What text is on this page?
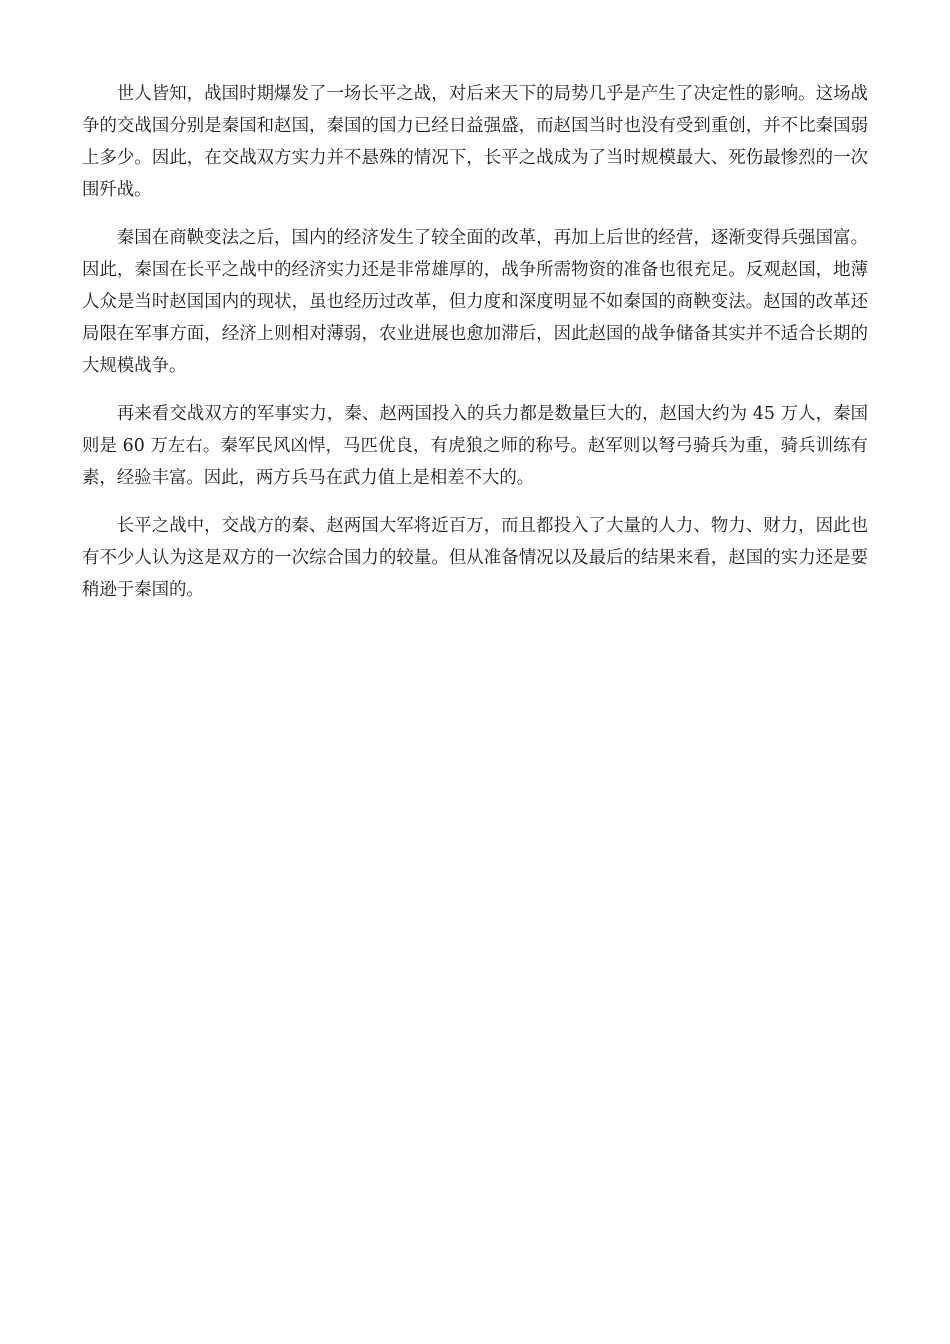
世人皆知，战国时期爆发了一场长平之战，对后来天下的局势几乎是产生了决定性的影响。这场战争的交战国分别是秦国和赵国，秦国的国力已经日益强盛，而赵国当时也没有受到重创，并不比秦国弱上多少。因此，在交战双方实力并不悬殊的情况下，长平之战成为了当时规模最大、死伤最惨烈的一次围歼战。

秦国在商鞅变法之后，国内的经济发生了较全面的改革，再加上后世的经营，逐渐变得兵强国富。因此，秦国在长平之战中的经济实力还是非常雄厚的，战争所需物资的准备也很充足。反观赵国，地薄人众是当时赵国国内的现状，虽也经历过改革，但力度和深度明显不如秦国的商鞅变法。赵国的改革还局限在军事方面，经济上则相对薄弱，农业进展也愈加滞后，因此赵国的战争储备其实并不适合长期的大规模战争。

再来看交战双方的军事实力，秦、赵两国投入的兵力都是数量巨大的，赵国大约为 45 万人，秦国则是 60 万左右。秦军民风凶悍，马匹优良，有虎狼之师的称号。赵军则以弩弓骑兵为重，骑兵训练有素，经验丰富。因此，两方兵马在武力值上是相差不大的。

长平之战中，交战方的秦、赵两国大军将近百万，而且都投入了大量的人力、物力、财力，因此也有不少人认为这是双方的一次综合国力的较量。但从准备情况以及最后的结果来看，赵国的实力还是要稍逊于秦国的。
